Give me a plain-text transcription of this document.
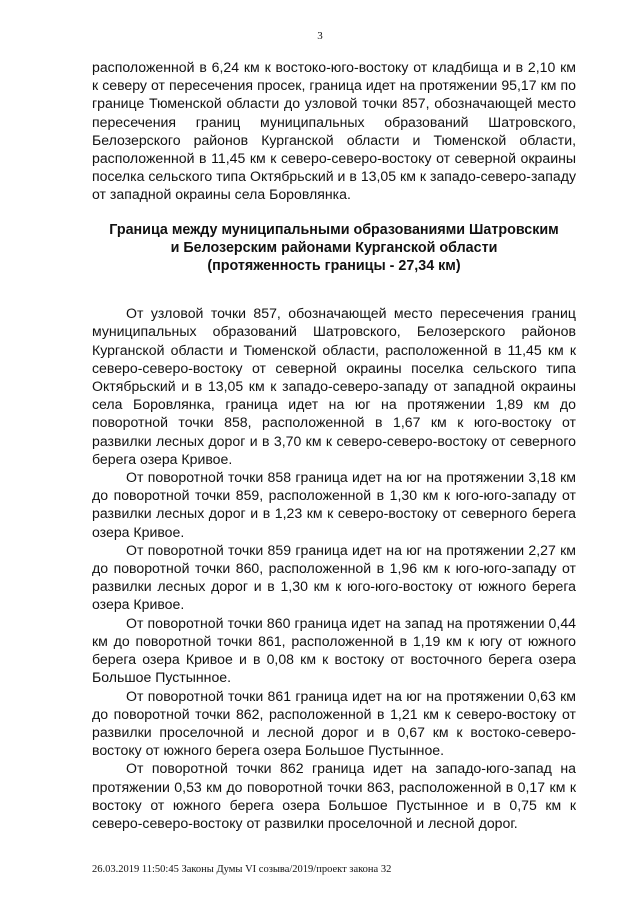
3

расположенной в 6,24 км к востоко-юго-востоку от кладбища и в 2,10 км к северу от пересечения просек, граница идет на протяжении 95,17 км по границе Тюменской области до узловой точки 857, обозначающей место пересечения границ муниципальных образований Шатровского, Белозерского районов Курганской области и Тюменской области, расположенной в 11,45 км к северо-северо-востоку от северной окраины поселка сельского типа Октябрьский и в 13,05 км к западо-северо-западу от западной окраины села Боровлянка.

Граница между муниципальными образованиями Шатровским
и Белозерским районами Курганской области
(протяженность границы - 27,34 км)

От узловой точки 857, обозначающей место пересечения границ муниципальных образований Шатровского, Белозерского районов Курганской области и Тюменской области, расположенной в 11,45 км к северо-северо-востоку от северной окраины поселка сельского типа Октябрьский и в 13,05 км к западо-северо-западу от западной окраины села Боровлянка, граница идет на юг на протяжении 1,89 км до поворотной точки 858, расположенной в 1,67 км к юго-востоку от развилки лесных дорог и в 3,70 км к северо-северо-востоку от северного берега озера Кривое.

От поворотной точки 858 граница идет на юг на протяжении 3,18 км до поворотной точки 859, расположенной в 1,30 км к юго-юго-западу от развилки лесных дорог и в 1,23 км к северо-востоку от северного берега озера Кривое.

От поворотной точки 859 граница идет на юг на протяжении 2,27 км до поворотной точки 860, расположенной в 1,96 км к юго-юго-западу от развилки лесных дорог и в 1,30 км к юго-юго-востоку от южного берега озера Кривое.

От поворотной точки 860 граница идет на запад на протяжении 0,44 км до поворотной точки 861, расположенной в 1,19 км к югу от южного берега озера Кривое и в 0,08 км к востоку от восточного берега озера Большое Пустынное.

От поворотной точки 861 граница идет на юг на протяжении 0,63 км до поворотной точки 862, расположенной в 1,21 км к северо-востоку от развилки проселочной и лесной дорог и в 0,67 км к востоко-северо-востоку от южного берега озера Большое Пустынное.

От поворотной точки 862 граница идет на западо-юго-запад на протяжении 0,53 км до поворотной точки 863, расположенной в 0,17 км к востоку от южного берега озера Большое Пустынное и в 0,75 км к северо-северо-востоку от развилки проселочной и лесной дорог.

26.03.2019 11:50:45 Законы Думы VI созыва/2019/проект закона 32
